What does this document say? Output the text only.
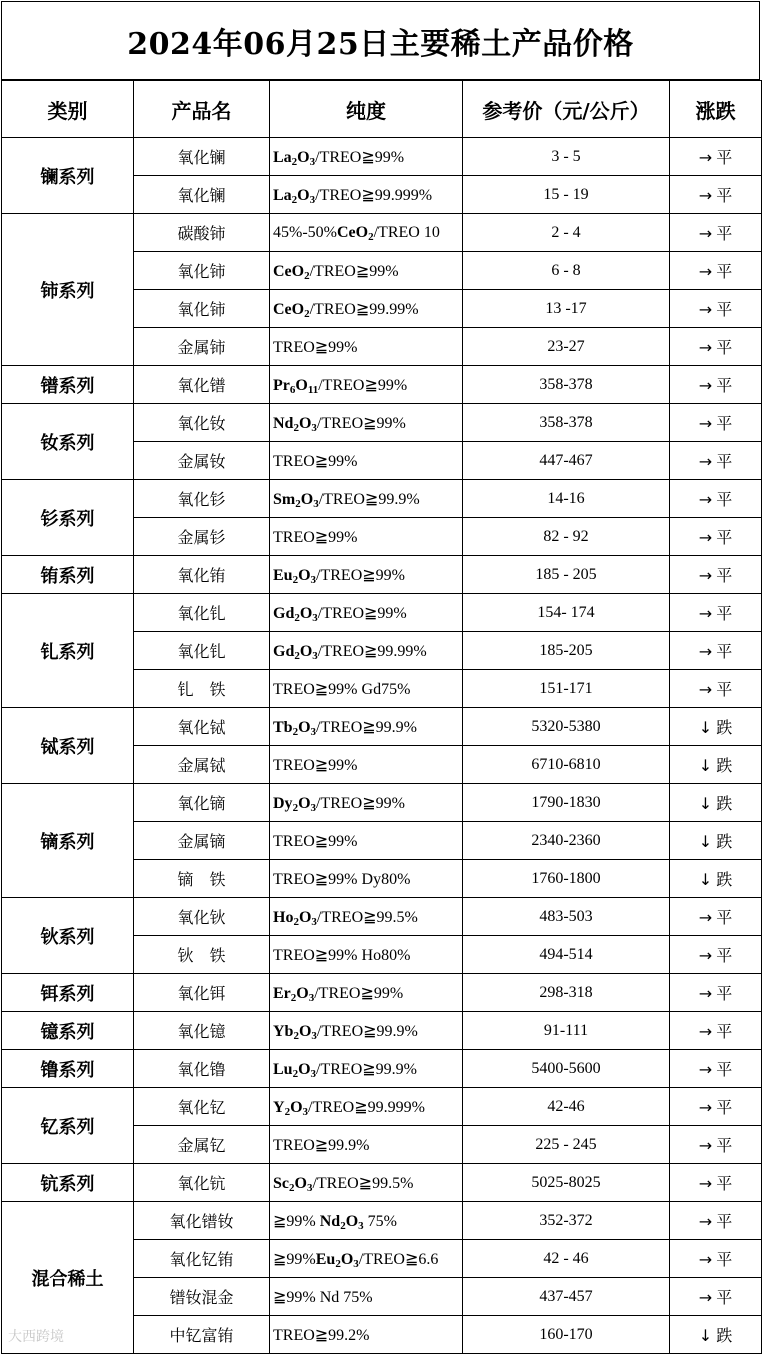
2024年06月25日主要稀土产品价格
类别	产品名	纯度	参考价（元/公斤）	涨跌
镧系列	氧化镧	$La_2O_3/TREO≧99\%$	3 - 5	→ 平
	氧化镧	$La_2O_3/TREO≧99.999\%$	15 - 19	→ 平
铈系列	碳酸铈	45%-50%CeO$_2$/TREO 10	2 - 4	→ 平
	氧化铈	CeO$_2$/TREO≧99%	6 - 8	→ 平
	氧化铈	CeO$_2$/TREO≧99.99%	13 -17	→ 平
	金属铈	TREO≧99%	23-27	→ 平
镨系列	氧化镨	$Pr_6O_{11}/TREO≧99\%$	358-378	→ 平
钕系列	氧化钕	$Nd_2O_3/TREO≧99\%$	358-378	→ 平
	金属钕	TREO≧99%	447-467	→ 平
钐系列	氧化钐	$Sm_2O_3/TREO≧99.9\%$	14-16	→ 平
	金属钐	TREO≧99%	82 - 92	→ 平
铕系列	氧化铕	$Eu_2O_3/TREO≧99\%$	185 - 205	→ 平
钆系列	氧化钆	$Gd_2O_3/TREO≧99\%$	154- 174	→ 平
	氧化钆	$Gd_2O_3/TREO≧99.99\%$	185-205	→ 平
	钆　铁	TREO≧99% Gd75%	151-171	→ 平
铽系列	氧化铽	$Tb_2O_3/TREO≧99.9\%$	5320-5380	↓ 跌
	金属铽	TREO≧99%	6710-6810	↓ 跌
镝系列	氧化镝	$Dy_2O_3/TREO≧99\%$	1790-1830	↓ 跌
	金属镝	TREO≧99%	2340-2360	↓ 跌
	镝　铁	TREO≧99% Dy80%	1760-1800	↓ 跌
钬系列	氧化钬	$Ho_2O_3/TREO≧99.5\%$	483-503	→ 平
	钬　铁	TREO≧99% Ho80%	494-514	→ 平
铒系列	氧化铒	$Er_2O_3/TREO≧99\%$	298-318	→ 平
镱系列	氧化镱	$Yb_2O_3/TREO≧99.9\%$	91-111	→ 平
镥系列	氧化镥	$Lu_2O_3/TREO≧99.9\%$	5400-5600	→ 平
钇系列	氧化钇	$Y_2O_3/TREO≧99.999\%$	42-46	→ 平
	金属钇	TREO≧99.9%	225 - 245	→ 平
钪系列	氧化钪	$Sc_2O_3/TREO≧99.5\%$	5025-8025	→ 平
混合稀土	氧化镨钕	≧99% $Nd_2O_3$ 75%	352-372	→ 平
	氧化钇铕	$≧99\%Eu_2O_3/TREO≧6.6$	42 - 46	→ 平
	镨钕混金	≧99% Nd 75%	437-457	→ 平
	中钇富铕	TREO≧99.2%	160-170	↓ 跌
大西跨境
